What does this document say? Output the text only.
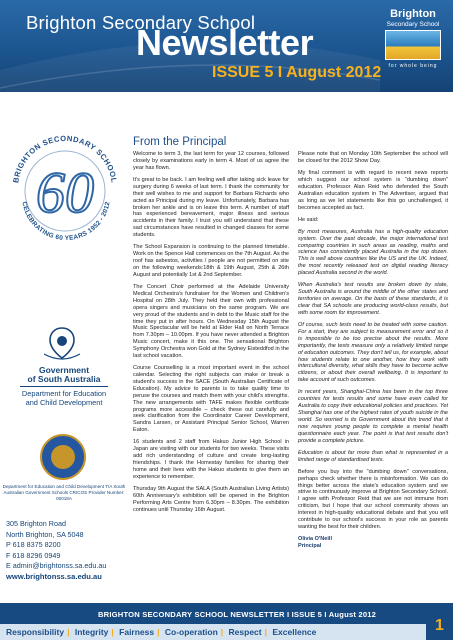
Brighton Secondary School
Newsletter
ISSUE 5 I August 2012
Brighton
Secondary School
for whole being
BRIGHTON SECONDARY SCHOOL
CELEBRATING 60 YEARS 1952 - 2012
60
Government
of South Australia
Department for Education
and Child Development
Department for Education and Child Development T/A South Australian Government Schools CRICOS Provider Number: 00018A
305 Brighton Road
North Brighton, SA 5048
P 618 8375 8200
F 618 8296 0949
E admin@brightonss.sa.edu.au
www.brightonss.sa.edu.au
From the Principal

Welcome to term 3, the last term for year 12 courses, followed closely by examinations early in term 4. Most of us agree the year has flown.

It's great to be back. I am feeling well after taking sick leave for surgery during 6 weeks of last term. I thank the community for their well wishes to me and support for Barbara Richards who acted as Principal during my leave. Unfortunately, Barbara has broken her ankle and is on leave this term. A number of staff has experienced bereavement, major illness and serious accidents in their family. I trust you will understand that these sad circumstances have resulted in changed classes for some students.

The School Expansion is continuing to the planned timetable. Work on the Spence Hall commences on the 7th August. As the roof has asbestos, activities / people are not permitted on site on the following weekends:18th & 19th August, 25th & 26th August and potentially 1st & 2nd September.

The Concert Choir performed at the Adelaide University Medical Orchestra's fundraiser for the Women and Children's Hospital on 28th July. They held their own with professional opera singers and musicians on the same program. We are very proud of the students and in debt to the Music staff for the time they put in after hours. On Wednesday 15th August the Music Spectacular will be held at Elder Hall on North Terrace from 7.30pm – 10.00pm. If you have never attended a Brighton Music concert, make it this one. The sensational Brighton Symphony Orchestra won Gold at the Sydney Eisteddfod in the last school vacation.

Course Counselling is a most important event in the school calendar. Selecting the right subjects can make or break a student's success in the SACE (South Australian Certificate of Education). My advice to parents is to take quality time to peruse the courses and match them with your child's strengths. The new arrangements with TAFE makes flexible certificate programs more accessible – check these out carefully and seek clarification from the Coordinator Career Development, Sandra Larsen, or Assistant Principal Senior School, Warren Eaton.

16 students and 2 staff from Hakuo Junior High School in Japan are visiting with our students for two weeks. These visits add rich understanding of culture and create long-lasting friendships. I thank the Homestay families for sharing their home and their lives with the Hakuo students to give them an experience to remember.

Thursday 9th August the SALA (South Australian Living Artists) 60th Anniversary's exhibition will be opened in the Brighton Performing Arts Centre from 6.30pm – 8.30pm. The exhibition continues until Thursday 16th August.

Please note that on Monday 10th September the school will be closed for the 2012 Show Day.

My final comment is with regard to recent news reports which suggest our school system is "dumbing down" education. Professor Alan Reid who defended the South Australian education system in The Advertiser, argued that as long as we let statements like this go unchallenged, it becomes accepted as fact.

He said:

By most measures, Australia has a high-quality education system. Over the past decade, the major international test comparing countries in such areas as reading, maths and science has consistently placed Australia in the top dozen. This is well above countries like the US and the UK. Indeed, the most recently released test on digital reading literacy placed Australia second in the world.

When Australia's test results are broken down by state, South Australia is around the middle of the other states and territories on average. On the basis of these standards, it is clear that SA schools are producing world-class results, but with some room for improvement.

Of course, such tests need to be treated with some caution. For a start, they are subject to measurement error and so it is impossible to be too precise about the results. More importantly, the tests measure only a relatively limited range of education outcomes. They don't tell us, for example, about how students relate to one another, how they work with intercultural diversity, what skills they have to become active citizens, or about their overall wellbeing. It is important to take account of such outcomes.

In recent years, Shanghai-China has been in the top three countries for tests results and some have even called for Australia to copy their educational policies and practices. Yet Shanghai has one of the highest rates of youth suicide in the world. So worried is its Government about this trend that it now requires young people to complete a mental health questionnaire each year. The point is that test results don't provide a complete picture.

Education is about far more than what is represented in a limited range of standardised tests.

Before you buy into the "dumbing down" conversations, perhaps check whether there is misinformation. We can do things better across the state's education system and we strive to continuously improve at Brighton Secondary School. I agree with Professor Reid that we are not immune from criticism, but I hope that our school community shows an interest in high-quality educational debate and that you will contribute to our school's success in your role as parents wanting the best for their children.

Olivia O'Neill
Principal
BRIGHTON SECONDARY SCHOOL NEWSLETTER I ISSUE 5 I August 2012
Responsibility | Integrity | Fairness | Co-operation | Respect | Excellence	1
